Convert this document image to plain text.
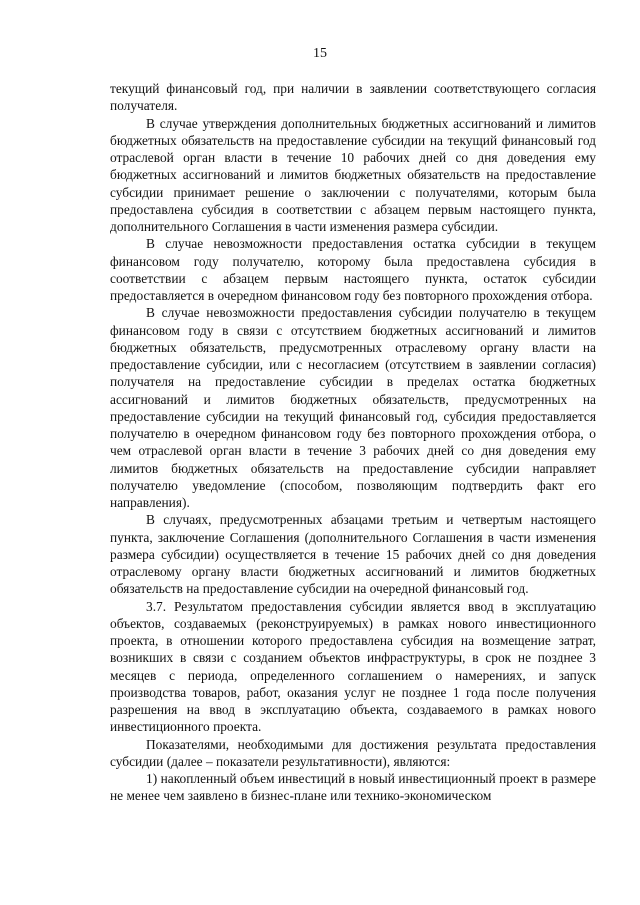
15

текущий финансовый год, при наличии в заявлении соответствующего согласия получателя.

В случае утверждения дополнительных бюджетных ассигнований и лимитов бюджетных обязательств на предоставление субсидии на текущий финансовый год отраслевой орган власти в течение 10 рабочих дней со дня доведения ему бюджетных ассигнований и лимитов бюджетных обязательств на предоставление субсидии принимает решение о заключении с получателями, которым была предоставлена субсидия в соответствии с абзацем первым настоящего пункта, дополнительного Соглашения в части изменения размера субсидии.

В случае невозможности предоставления остатка субсидии в текущем финансовом году получателю, которому была предоставлена субсидия в соответствии с абзацем первым настоящего пункта, остаток субсидии предоставляется в очередном финансовом году без повторного прохождения отбора.

В случае невозможности предоставления субсидии получателю в текущем финансовом году в связи с отсутствием бюджетных ассигнований и лимитов бюджетных обязательств, предусмотренных отраслевому органу власти на предоставление субсидии, или с несогласием (отсутствием в заявлении согласия) получателя на предоставление субсидии в пределах остатка бюджетных ассигнований и лимитов бюджетных обязательств, предусмотренных на предоставление субсидии на текущий финансовый год, субсидия предоставляется получателю в очередном финансовом году без повторного прохождения отбора, о чем отраслевой орган власти в течение 3 рабочих дней со дня доведения ему лимитов бюджетных обязательств на предоставление субсидии направляет получателю уведомление (способом, позволяющим подтвердить факт его направления).

В случаях, предусмотренных абзацами третьим и четвертым настоящего пункта, заключение Соглашения (дополнительного Соглашения в части изменения размера субсидии) осуществляется в течение 15 рабочих дней со дня доведения отраслевому органу власти бюджетных ассигнований и лимитов бюджетных обязательств на предоставление субсидии на очередной финансовый год.

3.7. Результатом предоставления субсидии является ввод в эксплуатацию объектов, создаваемых (реконструируемых) в рамках нового инвестиционного проекта, в отношении которого предоставлена субсидия на возмещение затрат, возникших в связи с созданием объектов инфраструктуры, в срок не позднее 3 месяцев с периода, определенного соглашением о намерениях, и запуск производства товаров, работ, оказания услуг не позднее 1 года после получения разрешения на ввод в эксплуатацию объекта, создаваемого в рамках нового инвестиционного проекта.

Показателями, необходимыми для достижения результата предоставления субсидии (далее – показатели результативности), являются:

1) накопленный объем инвестиций в новый инвестиционный проект в размере не менее чем заявлено в бизнес-плане или технико-экономическом
